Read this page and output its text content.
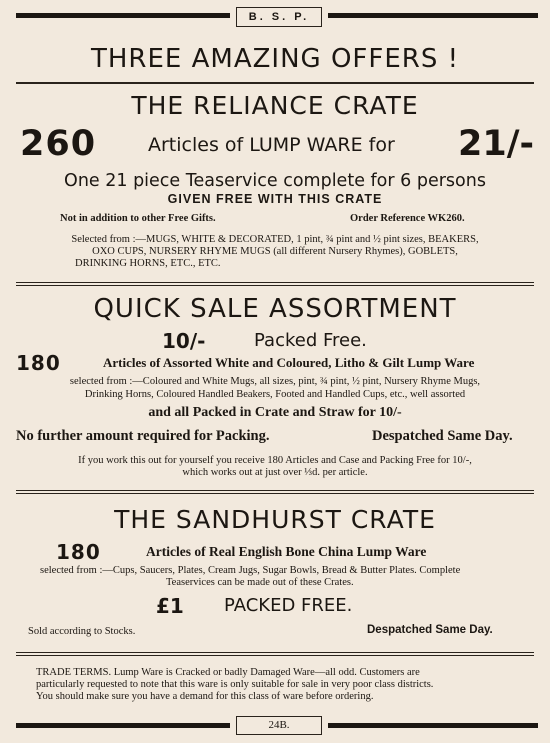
B. S. P.
THREE AMAZING OFFERS !
THE RELIANCE CRATE
260	Articles of LUMP WARE for 21/-
One 21 piece Teaservice complete for 6 persons
GIVEN FREE WITH THIS CRATE
Not in addition to other Free Gifts.	Order Reference WK260.
Selected from :—MUGS, WHITE & DECORATED, 1 pint, ¾ pint and ½ pint sizes, BEAKERS,
OXO CUPS, NURSERY RHYME MUGS (all different Nursery Rhymes), GOBLETS,
DRINKING HORNS, ETC., ETC.
QUICK SALE ASSORTMENT
10/-	Packed Free.
180	Articles of Assorted White and Coloured, Litho & Gilt Lump Ware
selected from :—Coloured and White Mugs, all sizes, pint, ¾ pint, ½ pint, Nursery Rhyme Mugs,
Drinking Horns, Coloured Handled Beakers, Footed and Handled Cups, etc., well assorted
and all Packed in Crate and Straw for 10/-
No further amount required for Packing.	Despatched Same Day.
If you work this out for yourself you receive 180 Articles and Case and Packing Free for 10/-,
which works out at just over ⅓d. per article.
THE SANDHURST CRATE
180	Articles of Real English Bone China Lump Ware
selected from :—Cups, Saucers, Plates, Cream Jugs, Sugar Bowls, Bread & Butter Plates. Complete
Teaservices can be made out of these Crates.
£1 PACKED FREE.
Sold according to Stocks.	Despatched Same Day.
TRADE TERMS. Lump Ware is Cracked or badly Damaged Ware—all odd. Customers are
particularly requested to note that this ware is only suitable for sale in very poor class districts.
You should make sure you have a demand for this class of ware before ordering.
24B.
